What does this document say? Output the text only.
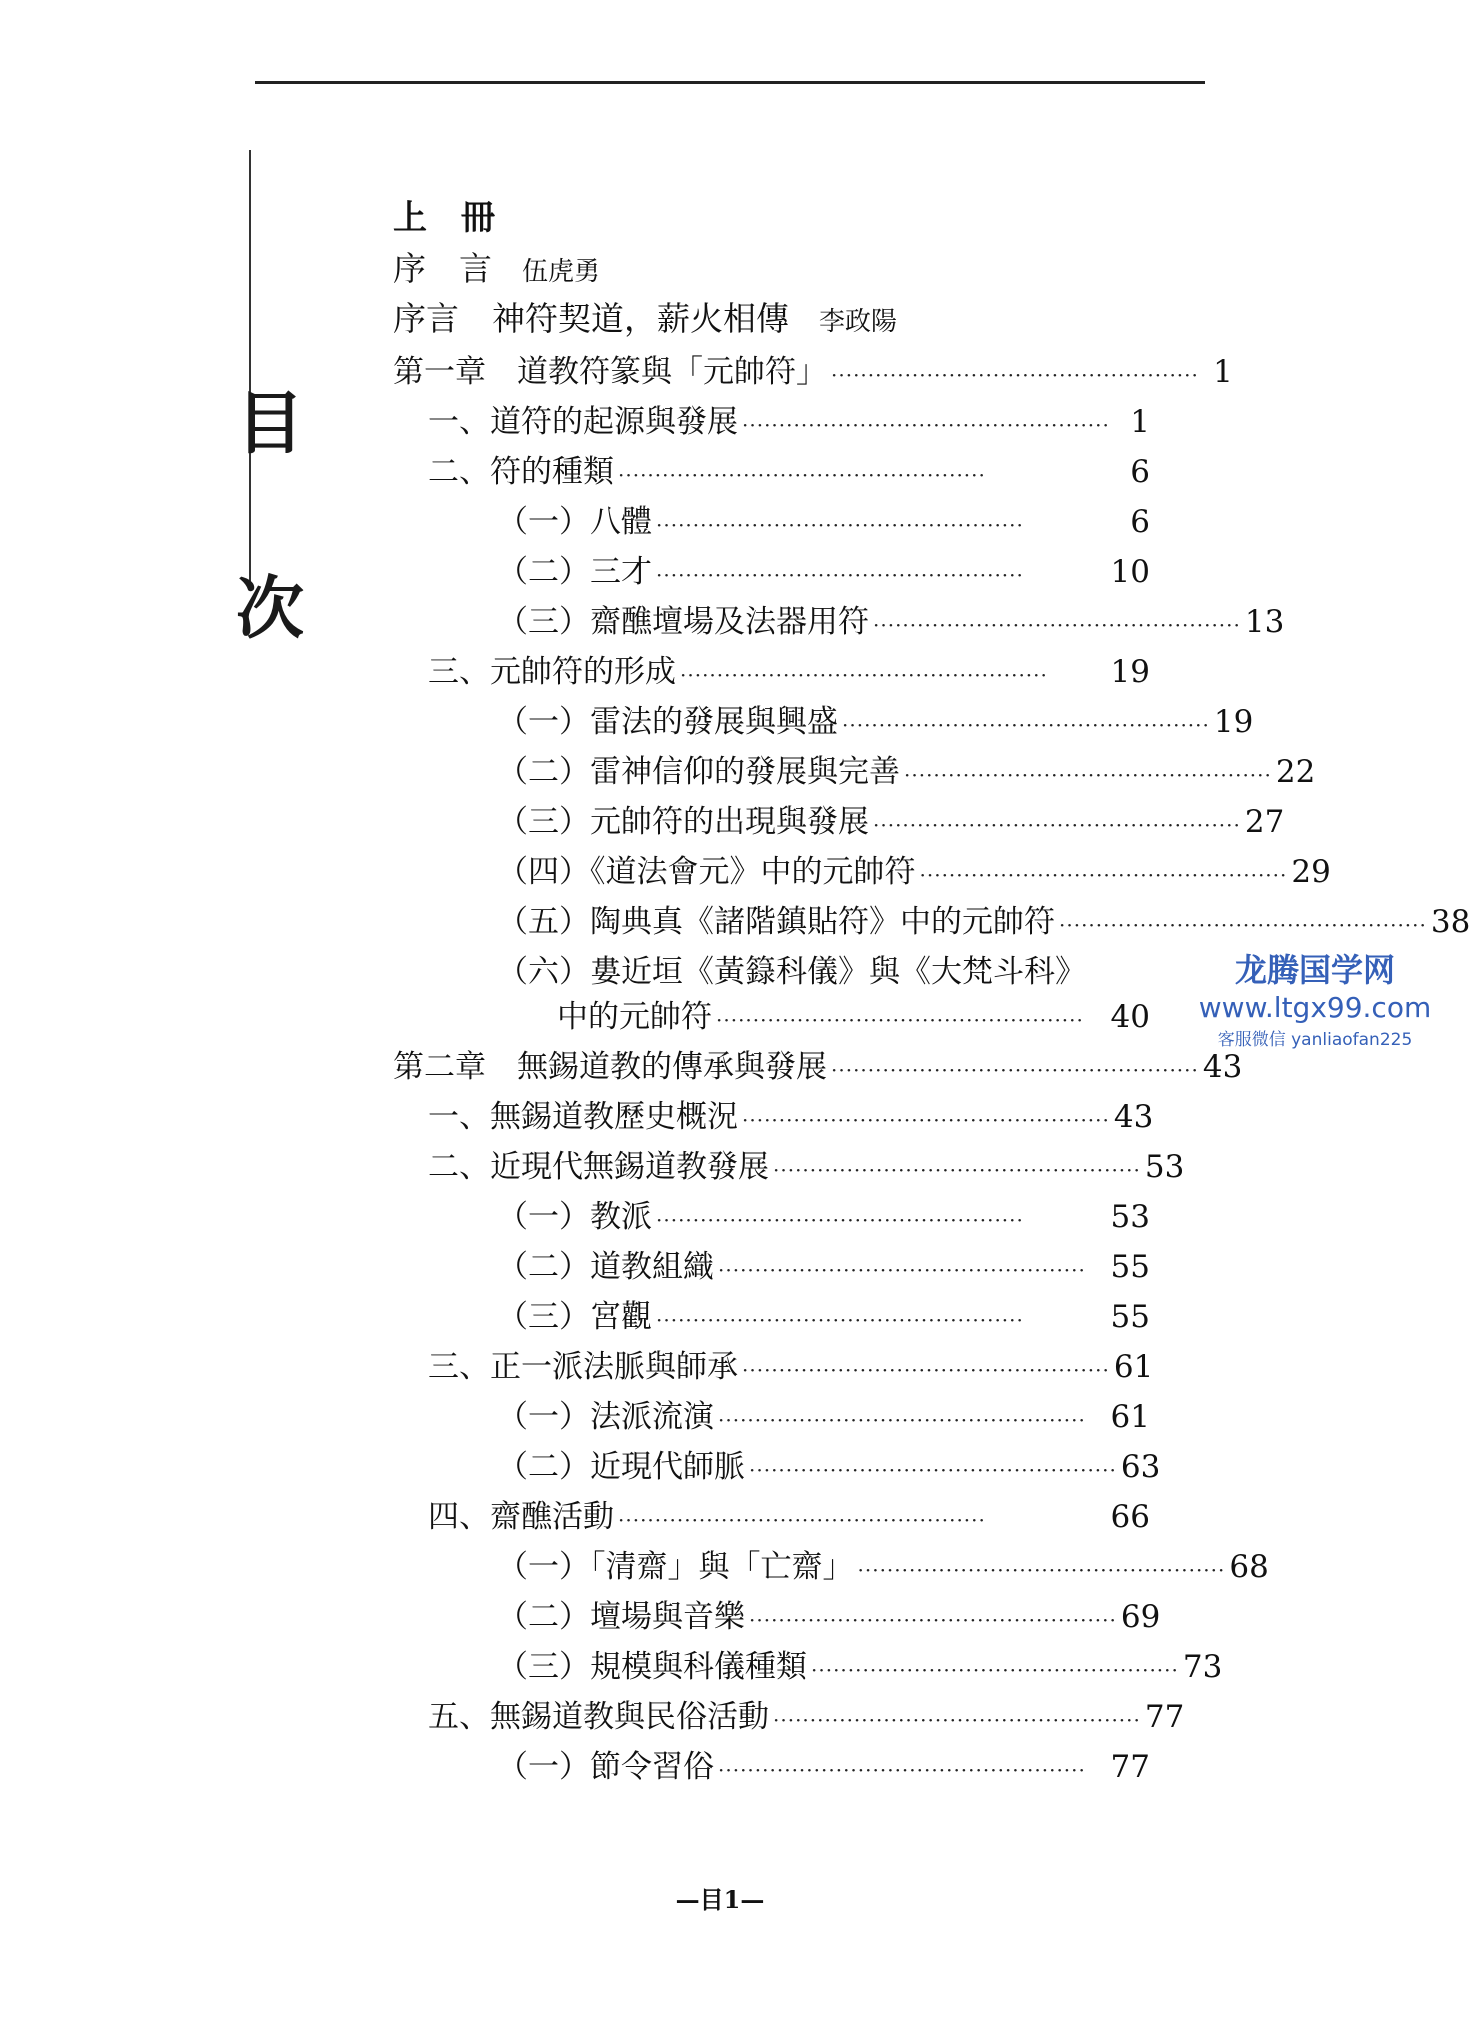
目
次
上　冊
序　言 伍虎勇
序言　神符契道，薪火相傳 李政陽
第一章　道教符篆與「元帥符」 ·················································· 1
一、道符的起源與發展 ·················································· 1
二、符的種類 ··················································	6
（一）八體 ··················································	6
（二）三才 ··················································	10
（三）齋醮壇場及法器用符 ·················································· 13
三、元帥符的形成 ··················································	19
（一）雷法的發展與興盛 ·················································· 19
（二）雷神信仰的發展與完善 ·················································· 22
（三）元帥符的出現與發展 ·················································· 27
（四）《道法會元》中的元帥符 ·················································· 29
（五）陶典真《諸階鎮貼符》中的元帥符 ·················································· 38
（六）婁近垣《黃籙科儀》與《大梵斗科》
中的元帥符 ·················································· 40
第二章　無錫道教的傳承與發展 ·················································· 43
一、無錫道教歷史概況 ·················································· 43
二、近現代無錫道教發展 ·················································· 53
（一）教派 ··················································	53
（二）道教組織 ·················································· 55
（三）宮觀 ··················································	55
三、正一派法脈與師承 ·················································· 61
（一）法派流演 ·················································· 61
（二）近現代師脈 ·················································· 63
四、齋醮活動 ··················································	66
（一）「清齋」與「亡齋」 ·················································· 68
（二）壇場與音樂 ·················································· 69
（三）規模與科儀種類 ·················································· 73
五、無錫道教與民俗活動 ·················································· 77
（一）節令習俗 ·················································· 77
龙腾国学网
www.ltgx99.com
客服微信 yanliaofan225
—目1—
